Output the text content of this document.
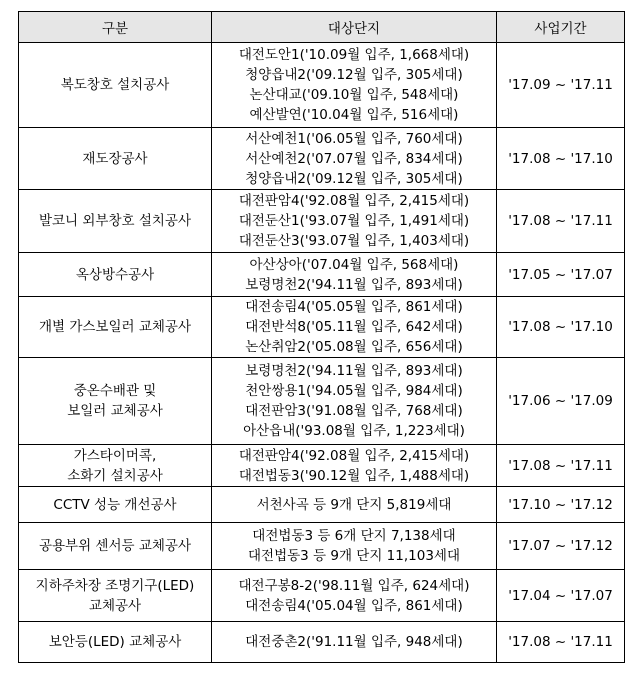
구분	대상단지	사업기간

복도창호 설치공사	대전도안1('10.09월 입주, 1,668세대)
청양읍내2('09.12월 입주, 305세대)
논산대교('09.10월 입주, 548세대)
예산발연('10.04월 입주, 516세대)	'17.09 ~ '17.11

재도장공사	서산예천1('06.05월 입주, 760세대)
서산예천2('07.07월 입주, 834세대)
청양읍내2('09.12월 입주, 305세대)	'17.08 ~ '17.10

발코니 외부창호 설치공사	대전판암4('92.08월 입주, 2,415세대)
대전둔산1('93.07월 입주, 1,491세대)
대전둔산3('93.07월 입주, 1,403세대)	'17.08 ~ '17.11

옥상방수공사	아산상아('07.04월 입주, 568세대)
보령명천2('94.11월 입주, 893세대)	'17.05 ~ '17.07

개별 가스보일러 교체공사	대전송림4('05.05월 입주, 861세대)
대전반석8('05.11월 입주, 642세대)
논산취암2('05.08월 입주, 656세대)	'17.08 ~ '17.10

중온수배관 및
보일러 교체공사	보령명천2('94.11월 입주, 893세대)
천안쌍용1('94.05월 입주, 984세대)
대전판암3('91.08월 입주, 768세대)
아산읍내('93.08월 입주, 1,223세대)	'17.06 ~ '17.09

가스타이머콕,
소화기 설치공사	대전판암4('92.08월 입주, 2,415세대)
대전법동3('90.12월 입주, 1,488세대)	'17.08 ~ '17.11

CCTV 성능 개선공사	서천사곡 등 9개 단지 5,819세대	'17.10 ~ '17.12

공용부위 센서등 교체공사	대전법동3 등 6개 단지 7,138세대
대전법동3 등 9개 단지 11,103세대	'17.07 ~ '17.12

지하주차장 조명기구(LED)
교체공사	대전구봉8-2('98.11월 입주, 624세대)
대전송림4('05.04월 입주, 861세대)	'17.04 ~ '17.07

보안등(LED) 교체공사	대전중촌2('91.11월 입주, 948세대)	'17.08 ~ '17.11
